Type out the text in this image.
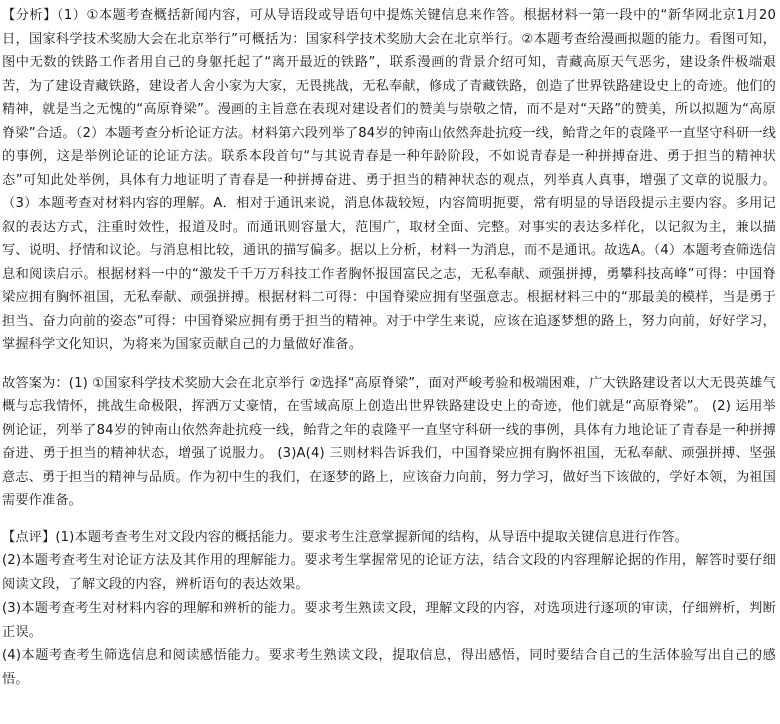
【分析】（1）①本题考查概括新闻内容，可从导语段或导语句中提炼关键信息来作答。根据材料一第一段中的“新华网北京1月20日，国家科学技术奖励大会在北京举行”可概括为：国家科学技术奖励大会在北京举行。②本题考查给漫画拟题的能力。看图可知，图中无数的铁路工作者用自己的身躯托起了“离开最近的铁路”，联系漫画的背景介绍可知，青藏高原天气恶劣，建设条件极端艰苦，为了建设青藏铁路，建设者人舍小家为大家，无畏挑战，无私奉献，修成了青藏铁路，创造了世界铁路建设史上的奇迹。他们的精神，就是当之无愧的“高原脊梁”。漫画的主旨意在表现对建设者们的赞美与崇敬之情，而不是对“天路”的赞美，所以拟题为“高原脊梁”合适。（2）本题考查分析论证方法。材料第六段列举了84岁的钟南山依然奔赴抗疫一线，鲐背之年的袁隆平一直坚守科研一线的事例，这是举例论证的论证方法。联系本段首句“与其说青春是一种年龄阶段，不如说青春是一种拼搏奋进、勇于担当的精神状态”可知此处举例，具体有力地证明了青春是一种拼搏奋进、勇于担当的精神状态的观点，列举真人真事，增强了文章的说服力。（3）本题考查对材料内容的理解。A．相对于通讯来说，消息体裁较短，内容简明扼要，常有明显的导语段提示主要内容。多用记叙的表达方式，注重时效性，报道及时。而通讯则容量大，范围广，取材全面、完整。对事实的表达多样化，以记叙为主，兼以描写、说明、抒情和议论。与消息相比较，通讯的描写偏多。据以上分析，材料一为消息，而不是通讯。故选A。（4）本题考查筛选信息和阅读启示。根据材料一中的“激发千千万万科技工作者胸怀报国富民之志，无私奉献、顽强拼搏，勇攀科技高峰”可得：中国脊梁应拥有胸怀祖国，无私奉献、顽强拼搏。根据材料二可得：中国脊梁应拥有坚强意志。根据材料三中的“那最美的模样，当是勇于担当、奋力向前的姿态”可得：中国脊梁应拥有勇于担当的精神。对于中学生来说，应该在追逐梦想的路上，努力向前，好好学习，掌握科学文化知识，为将来为国家贡献自己的力量做好准备。

故答案为：(1) ①国家科学技术奖励大会在北京举行 ②选择“高原脊梁”，面对严峻考验和极端困难，广大铁路建设者以大无畏英雄气概与忘我情怀，挑战生命极限，挥洒万丈豪情，在雪域高原上创造出世界铁路建设史上的奇迹，他们就是“高原脊梁”。 (2) 运用举例论证，列举了84岁的钟南山依然奔赴抗疫一线，鲐背之年的袁隆平一直坚守科研一线的事例，具体有力地论证了青春是一种拼搏奋进、勇于担当的精神状态，增强了说服力。 (3)A(4) 三则材料告诉我们，中国脊梁应拥有胸怀祖国，无私奉献、顽强拼搏、坚强意志、勇于担当的精神与品质。作为初中生的我们，在逐梦的路上，应该奋力向前，努力学习，做好当下该做的，学好本领，为祖国需要作准备。

【点评】(1)本题考查考生对文段内容的概括能力。要求考生注意掌握新闻的结构，从导语中提取关键信息进行作答。

(2)本题考查考生对论证方法及其作用的理解能力。要求考生掌握常见的论证方法，结合文段的内容理解论据的作用，解答时要仔细阅读文段，了解文段的内容，辨析语句的表达效果。

(3)本题考查考生对材料内容的理解和辨析的能力。要求考生熟读文段，理解文段的内容，对选项进行逐项的审读，仔细辨析，判断正误。

(4)本题考查考生筛选信息和阅读感悟能力。要求考生熟读文段，提取信息，得出感悟，同时要结合自己的生活体验写出自己的感悟。
